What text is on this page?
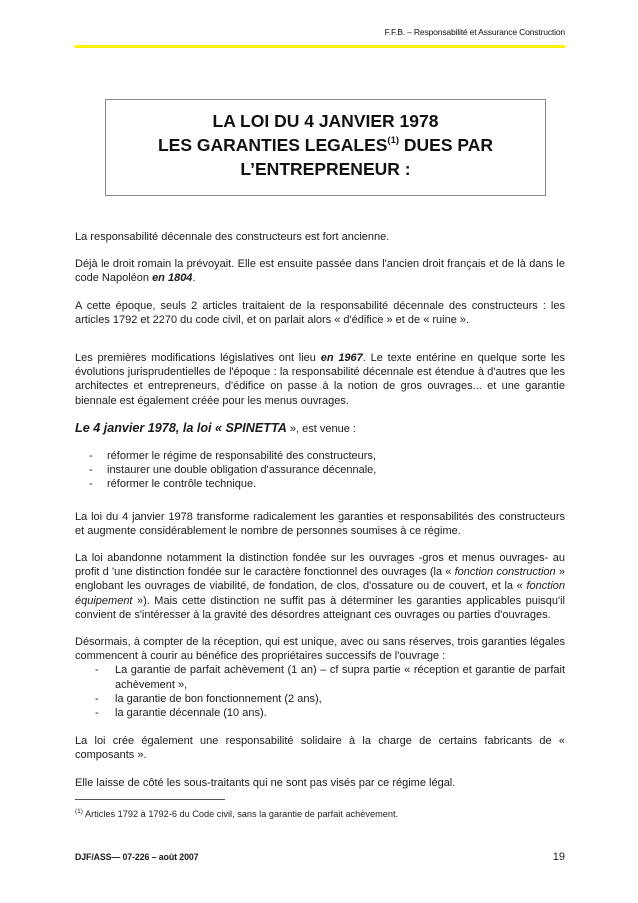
F.F.B. – Responsabilité et Assurance Construction
LA LOI DU 4 JANVIER 1978
LES GARANTIES LEGALES$^{(1)}$ DUES PAR
L’ENTREPRENEUR :

La responsabilité décennale des constructeurs est fort ancienne.

Déjà le droit romain la prévoyait. Elle est ensuite passée dans l'ancien droit français et de là dans le code Napoléon en 1804.

A cette époque, seuls 2 articles traitaient de la responsabilité décennale des constructeurs : les articles 1792 et 2270 du code civil, et on parlait alors « d'édifice » et de « ruine ».

Les premières modifications législatives ont lieu en 1967. Le texte entérine en quelque sorte les évolutions jurisprudentielles de l'époque : la responsabilité décennale est étendue à d'autres que les architectes et entrepreneurs, d'édifice on passe à la notion de gros ouvrages... et une garantie biennale est également créée pour les menus ouvrages.

Le 4 janvier 1978, la loi « SPINETTA », est venue :

-	réformer le régime de responsabilité des constructeurs,
-	instaurer une double obligation d'assurance décennale,
-	réformer le contrôle technique.

La loi du 4 janvier 1978 transforme radicalement les garanties et responsabilités des constructeurs et augmente considérablement le nombre de personnes soumises à ce régime.

La loi abandonne notamment la distinction fondée sur les ouvrages -gros et menus ouvrages- au profit d 'une distinction fondée sur le caractère fonctionnel des ouvrages (la « fonction construction » englobant les ouvrages de viabilité, de fondation, de clos, d'ossature ou de couvert, et la « fonction équipement »). Mais cette distinction ne suffit pas à déterminer les garanties applicables puisqu'il convient de s'intéresser à la gravité des désordres atteignant ces ouvrages ou parties d'ouvrages.

Désormais, à compter de la réception, qui est unique, avec ou sans réserves, trois garanties légales commencent à courir au bénéfice des propriétaires successifs de l'ouvrage :

-	La garantie de parfait achèvement (1 an) – cf supra partie « réception et garantie de parfait achèvement »,
-	la garantie de bon fonctionnement (2 ans),
-	la garantie décennale (10 ans).

La loi crée également une responsabilité solidaire à la charge de certains fabricants de « composants ».

Elle laisse de côté les sous-traitants qui ne sont pas visés par ce régime légal.

$^{(1)}$ Articles 1792 à 1792-6 du Code civil, sans la garantie de parfait achèvement.
DJF/ASS— 07-226 – août 2007	19
